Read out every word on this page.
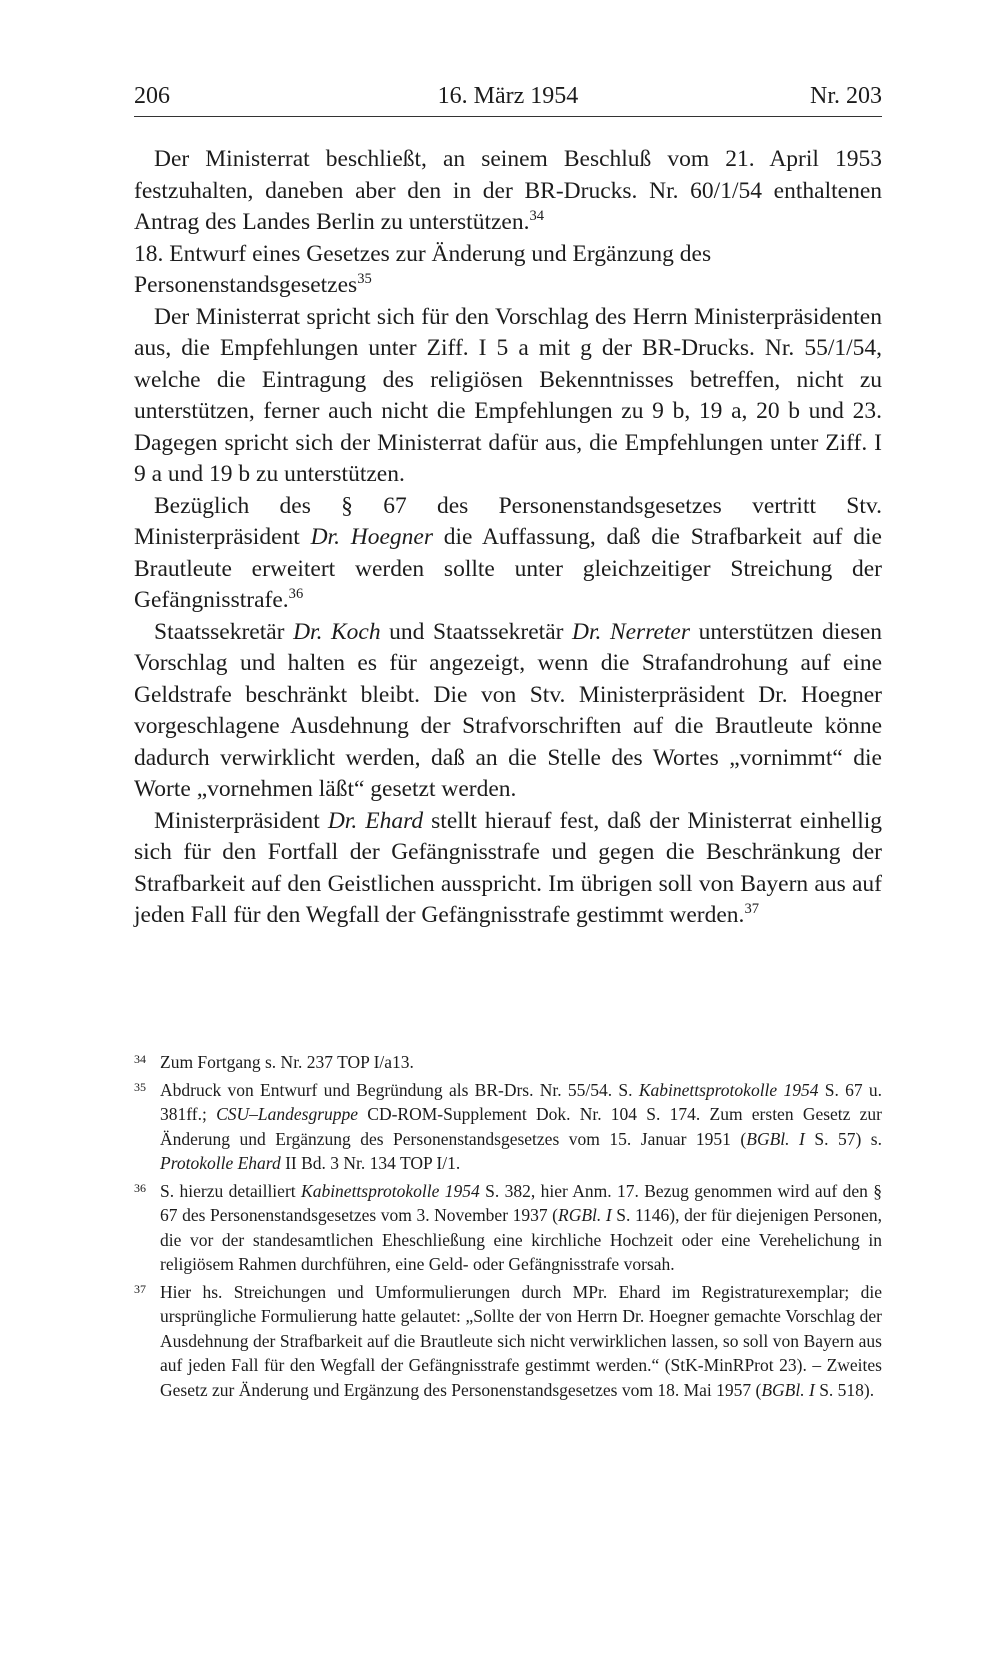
206	16. März 1954	Nr. 203

Der Ministerrat beschließt, an seinem Beschluß vom 21. April 1953 festzuhalten, daneben aber den in der BR-Drucks. Nr. 60/1/54 enthaltenen Antrag des Landes Berlin zu unterstützen.$^{34}$

18. Entwurf eines Gesetzes zur Änderung und Ergänzung des Personenstandsgesetzes$^{35}$

Der Ministerrat spricht sich für den Vorschlag des Herrn Ministerpräsidenten aus, die Empfehlungen unter Ziff. I 5 a mit g der BR-Drucks. Nr. 55/1/54, welche die Eintragung des religiösen Bekenntnisses betreffen, nicht zu unterstützen, ferner auch nicht die Empfehlungen zu 9 b, 19 a, 20 b und 23. Dagegen spricht sich der Ministerrat dafür aus, die Empfehlungen unter Ziff. I 9 a und 19 b zu unterstützen.

Bezüglich des § 67 des Personenstandsgesetzes vertritt Stv. Ministerpräsident Dr. Hoegner die Auffassung, daß die Strafbarkeit auf die Brautleute erweitert werden sollte unter gleichzeitiger Streichung der Gefängnisstrafe.$^{36}$

Staatssekretär Dr. Koch und Staatssekretär Dr. Nerreter unterstützen diesen Vorschlag und halten es für angezeigt, wenn die Strafandrohung auf eine Geldstrafe beschränkt bleibt. Die von Stv. Ministerpräsident Dr. Hoegner vorgeschlagene Ausdehnung der Strafvorschriften auf die Brautleute könne dadurch verwirklicht werden, daß an die Stelle des Wortes „vornimmt“ die Worte „vornehmen läßt“ gesetzt werden.

Ministerpräsident Dr. Ehard stellt hierauf fest, daß der Ministerrat einhellig sich für den Fortfall der Gefängnisstrafe und gegen die Beschränkung der Strafbarkeit auf den Geistlichen ausspricht. Im übrigen soll von Bayern aus auf jeden Fall für den Wegfall der Gefängnisstrafe gestimmt werden.$^{37}$

34 Zum Fortgang s. Nr. 237 TOP I/a13.
35 Abdruck von Entwurf und Begründung als BR-Drs. Nr. 55/54. S. Kabinettsprotokolle 1954 S. 67 u. 381ff.; CSU–Landesgruppe CD-ROM-Supplement Dok. Nr. 104 S. 174. Zum ersten Gesetz zur Änderung und Ergänzung des Personenstandsgesetzes vom 15. Januar 1951 (BGBl. I S. 57) s. Protokolle Ehard II Bd. 3 Nr. 134 TOP I/1.
36 S. hierzu detailliert Kabinettsprotokolle 1954 S. 382, hier Anm. 17. Bezug genommen wird auf den § 67 des Personenstandsgesetzes vom 3. November 1937 (RGBl. I S. 1146), der für diejenigen Personen, die vor der standesamtlichen Eheschließung eine kirchliche Hochzeit oder eine Verehelichung in religiösem Rahmen durchführen, eine Geld- oder Gefängnisstrafe vorsah.
37 Hier hs. Streichungen und Umformulierungen durch MPr. Ehard im Registraturexemplar; die ursprüngliche Formulierung hatte gelautet: „Sollte der von Herrn Dr. Hoegner gemachte Vorschlag der Ausdehnung der Strafbarkeit auf die Brautleute sich nicht verwirklichen lassen, so soll von Bayern aus auf jeden Fall für den Wegfall der Gefängnisstrafe gestimmt werden.“ (StK-MinRProt 23). – Zweites Gesetz zur Änderung und Ergänzung des Personenstandsgesetzes vom 18. Mai 1957 (BGBl. I S. 518).
